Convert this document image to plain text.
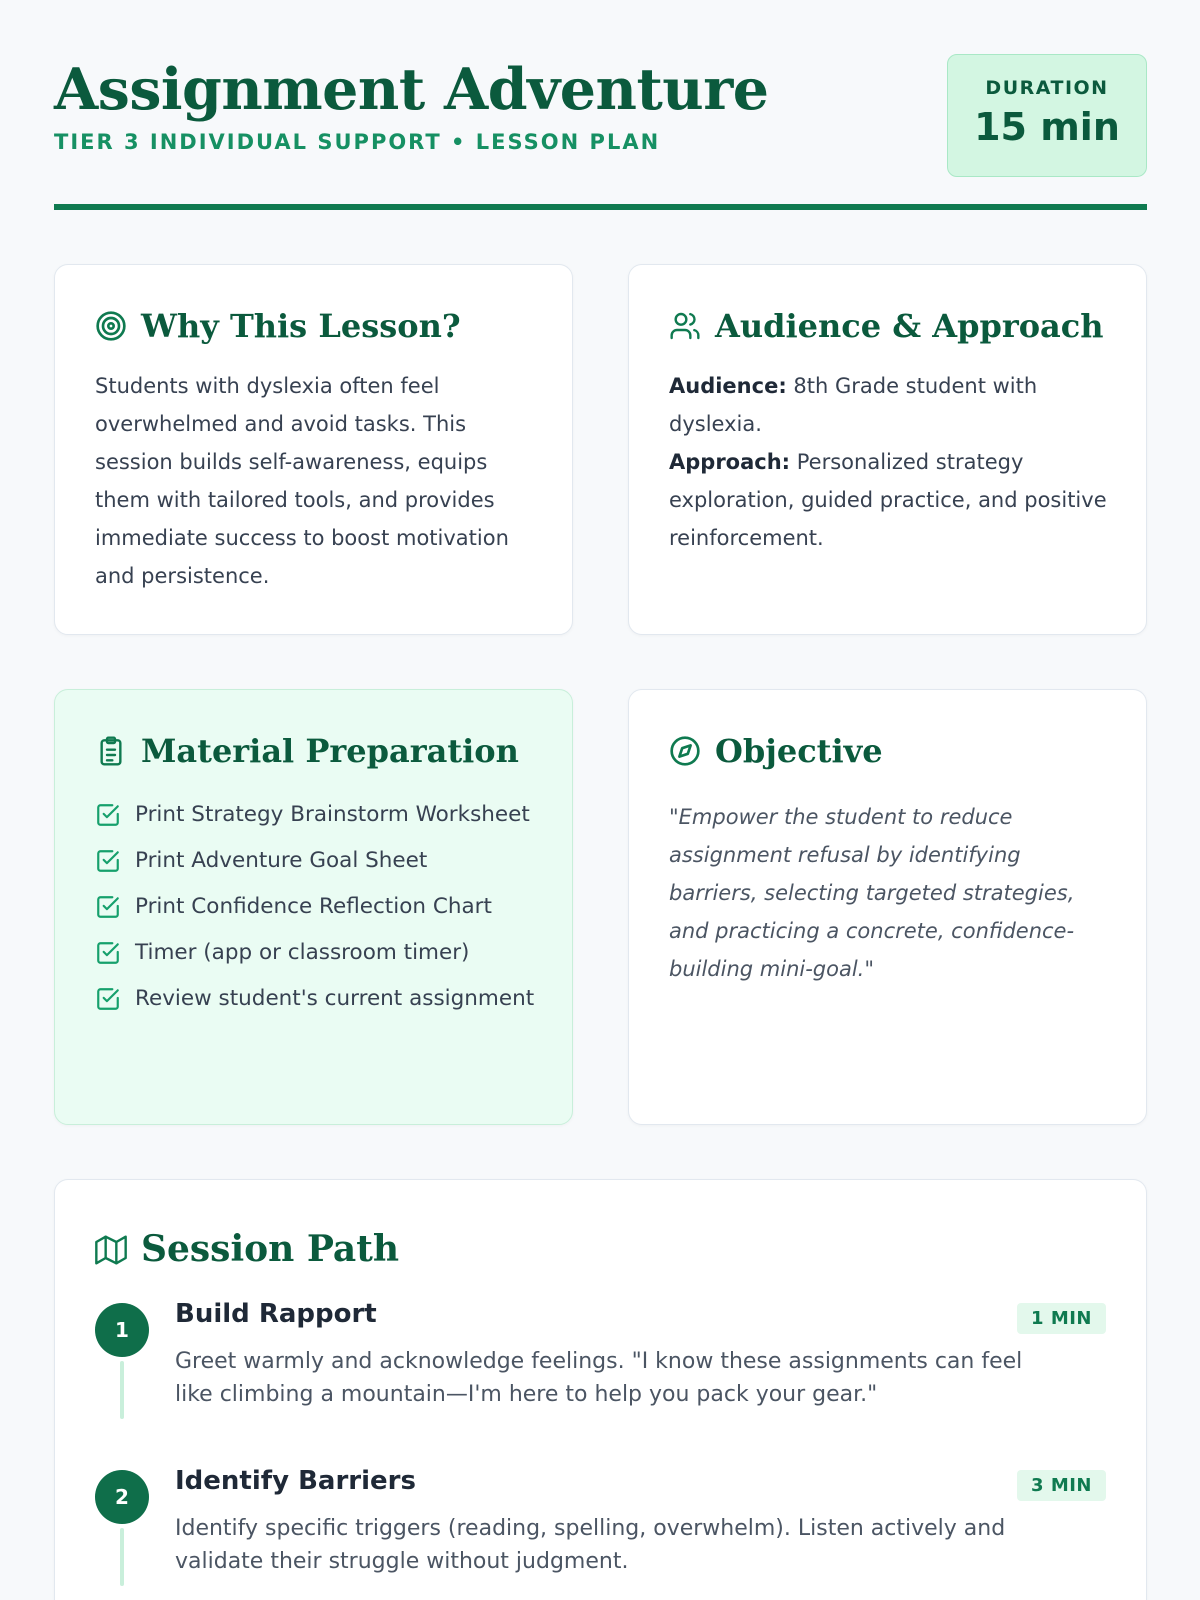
Assignment Adventure
TIER 3 INDIVIDUAL SUPPORT • LESSON PLAN
DURATION
15 min
Why This Lesson?
Students with dyslexia often feel overwhelmed and avoid tasks. This session builds self-awareness, equips them with tailored tools, and provides immediate success to boost motivation and persistence.
Audience & Approach
Audience: 8th Grade student with dyslexia.
Approach: Personalized strategy exploration, guided practice, and positive reinforcement.
Material Preparation
Print Strategy Brainstorm Worksheet
Print Adventure Goal Sheet
Print Confidence Reflection Chart
Timer (app or classroom timer)
Review student's current assignment
Objective
"Empower the student to reduce assignment refusal by identifying barriers, selecting targeted strategies, and practicing a concrete, confidence-building mini-goal."
Session Path
1
Build Rapport	1 MIN
Greet warmly and acknowledge feelings. "I know these assignments can feel like climbing a mountain—I'm here to help you pack your gear."
2
Identify Barriers	3 MIN
Identify specific triggers (reading, spelling, overwhelm). Listen actively and validate their struggle without judgment.
